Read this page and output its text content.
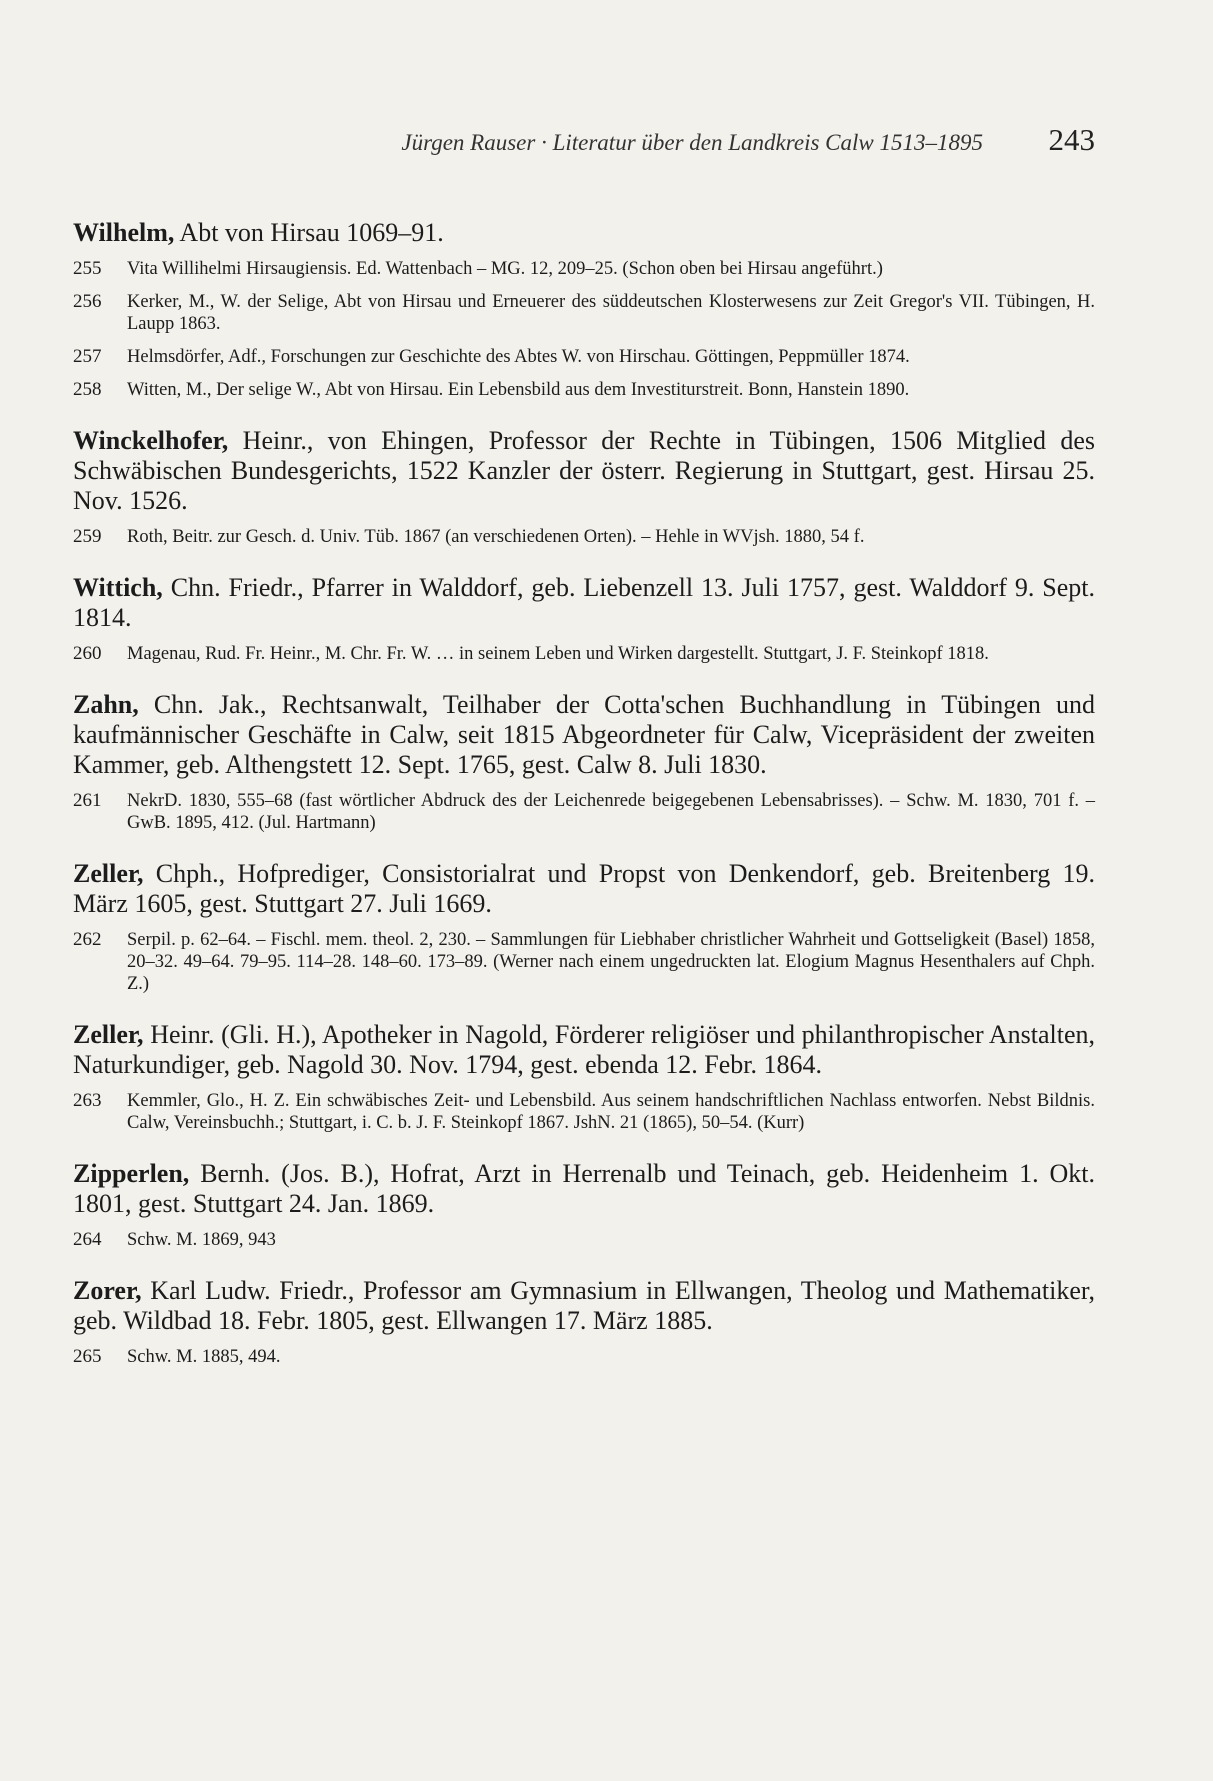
Jürgen Rauser · Literatur über den Landkreis Calw 1513–1895 243

Wilhelm, Abt von Hirsau 1069–91.

255	Vita Willihelmi Hirsaugiensis. Ed. Wattenbach – MG. 12, 209–25. (Schon oben bei Hirsau angeführt.)
256	Kerker, M., W. der Selige, Abt von Hirsau und Erneuerer des süddeutschen Klosterwesens zur Zeit Gregor's VII. Tübingen, H. Laupp 1863.
257	Helmsdörfer, Adf., Forschungen zur Geschichte des Abtes W. von Hirschau. Göttingen, Peppmüller 1874.
258	Witten, M., Der selige W., Abt von Hirsau. Ein Lebensbild aus dem Investiturstreit. Bonn, Hanstein 1890.

Winckelhofer, Heinr., von Ehingen, Professor der Rechte in Tübingen, 1506 Mitglied des Schwäbischen Bundesgerichts, 1522 Kanzler der österr. Regierung in Stuttgart, gest. Hirsau 25. Nov. 1526.

259	Roth, Beitr. zur Gesch. d. Univ. Tüb. 1867 (an verschiedenen Orten). – Hehle in WVjsh. 1880, 54 f.

Wittich, Chn. Friedr., Pfarrer in Walddorf, geb. Liebenzell 13. Juli 1757, gest. Walddorf 9. Sept. 1814.

260	Magenau, Rud. Fr. Heinr., M. Chr. Fr. W. … in seinem Leben und Wirken dargestellt. Stuttgart, J. F. Steinkopf 1818.

Zahn, Chn. Jak., Rechtsanwalt, Teilhaber der Cotta'schen Buchhandlung in Tübingen und kaufmännischer Geschäfte in Calw, seit 1815 Abgeordneter für Calw, Vicepräsident der zweiten Kammer, geb. Althengstett 12. Sept. 1765, gest. Calw 8. Juli 1830.

261	NekrD. 1830, 555–68 (fast wörtlicher Abdruck des der Leichenrede beigegebenen Lebensabrisses). – Schw. M. 1830, 701 f. – GwB. 1895, 412. (Jul. Hartmann)

Zeller, Chph., Hofprediger, Consistorialrat und Propst von Denkendorf, geb. Breitenberg 19. März 1605, gest. Stuttgart 27. Juli 1669.

262	Serpil. p. 62–64. – Fischl. mem. theol. 2, 230. – Sammlungen für Liebhaber christlicher Wahrheit und Gottseligkeit (Basel) 1858, 20–32. 49–64. 79–95. 114–28. 148–60. 173–89. (Werner nach einem ungedruckten lat. Elogium Magnus Hesenthalers auf Chph. Z.)

Zeller, Heinr. (Gli. H.), Apotheker in Nagold, Förderer religiöser und philanthropischer Anstalten, Naturkundiger, geb. Nagold 30. Nov. 1794, gest. ebenda 12. Febr. 1864.

263	Kemmler, Glo., H. Z. Ein schwäbisches Zeit- und Lebensbild. Aus seinem handschriftlichen Nachlass entworfen. Nebst Bildnis. Calw, Vereinsbuchh.; Stuttgart, i. C. b. J. F. Steinkopf 1867. JshN. 21 (1865), 50–54. (Kurr)

Zipperlen, Bernh. (Jos. B.), Hofrat, Arzt in Herrenalb und Teinach, geb. Heidenheim 1. Okt. 1801, gest. Stuttgart 24. Jan. 1869.

264	Schw. M. 1869, 943

Zorer, Karl Ludw. Friedr., Professor am Gymnasium in Ellwangen, Theolog und Mathematiker, geb. Wildbad 18. Febr. 1805, gest. Ellwangen 17. März 1885.

265	Schw. M. 1885, 494.
